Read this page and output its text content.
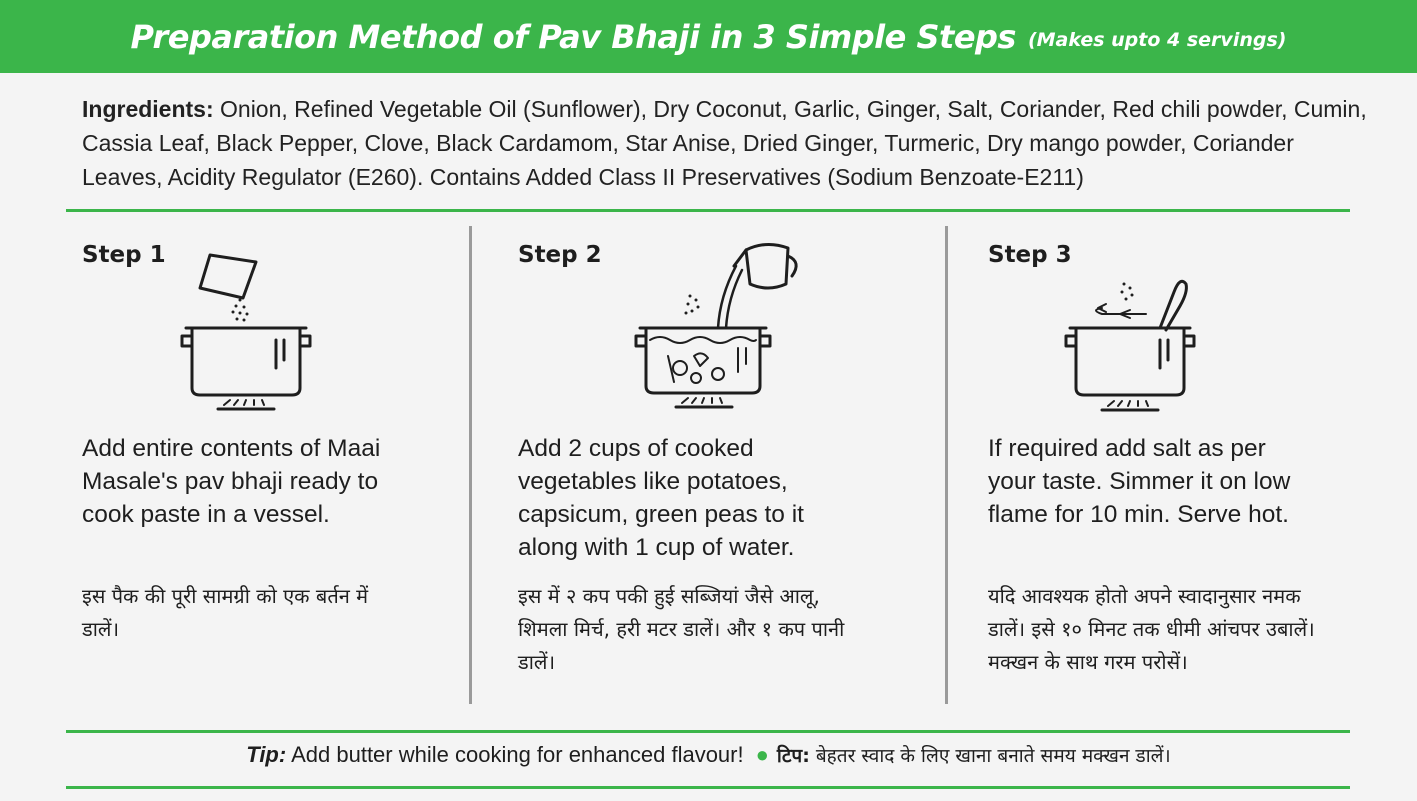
Preparation Method of Pav Bhaji in 3 Simple Steps (Makes upto 4 servings)
Ingredients: Onion, Refined Vegetable Oil (Sunflower), Dry Coconut, Garlic, Ginger, Salt, Coriander, Red chili powder, Cumin, Cassia Leaf, Black Pepper, Clove, Black Cardamom, Star Anise, Dried Ginger, Turmeric, Dry mango powder, Coriander Leaves, Acidity Regulator (E260). Contains Added Class II Preservatives (Sodium Benzoate-E211)
Step 1
Add entire contents of Maai Masale's pav bhaji ready to cook paste in a vessel.
इस पैक की पूरी सामग्री को एक बर्तन में डालें।
Step 2
Add 2 cups of cooked vegetables like potatoes, capsicum, green peas to it along with 1 cup of water.
इस में २ कप पकी हुई सब्जियां जैसे आलू, शिमला मिर्च, हरी मटर डालें। और १ कप पानी डालें।
Step 3
If required add salt as per your taste. Simmer it on low flame for 10 min. Serve hot.
यदि आवश्यक होतो अपने स्वादानुसार नमक डालें। इसे १० मिनट तक धीमी आंचपर उबालें। मक्खन के साथ गरम परोसें।
Tip: Add butter while cooking for enhanced flavour! ● टिप: बेहतर स्वाद के लिए खाना बनाते समय मक्खन डालें।
